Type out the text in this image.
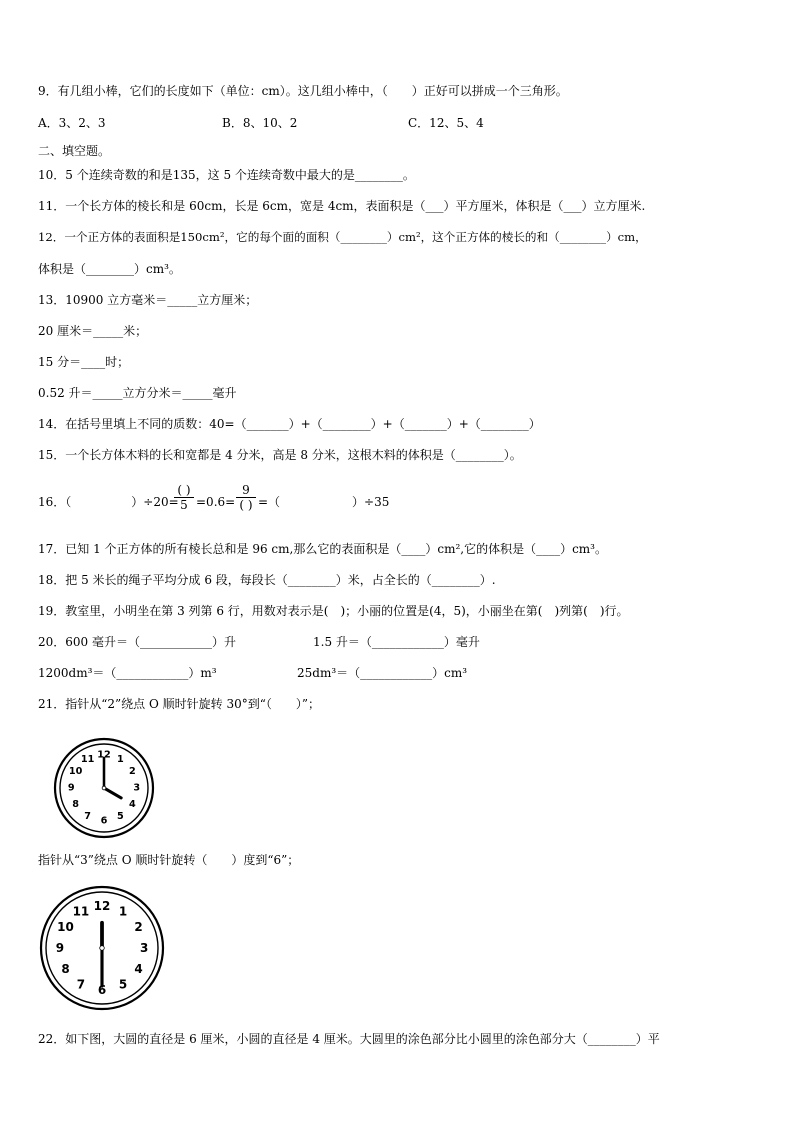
9．有几组小棒，它们的长度如下（单位：cm）。这几组小棒中，（　　）正好可以拼成一个三角形。
A．3、2、3	B．8、10、2	C．12、5、4
二、填空题。
10．5 个连续奇数的和是135，这 5 个连续奇数中最大的是________。
11．一个长方体的棱长和是 60cm，长是 6cm，宽是 4cm，表面积是（___）平方厘米，体积是（___）立方厘米.
12．一个正方体的表面积是150cm²，它的每个面的面积（________）cm²，这个正方体的棱长的和（________）cm，
体积是（________）cm³。
13．10900 立方毫米＝_____立方厘米；
20 厘米＝_____米；
15 分＝____时；
0.52 升＝_____立方分米＝_____毫升
14．在括号里填上不同的质数：40=（_______）+（________）+（_______）+（________）
15．一个长方体木料的长和宽都是 4 分米，高是 8 分米，这根木料的体积是（________）。
16．（　　　　　）÷20=
( )
5 =0.6=
9
( ) =（　　　　　　）÷35
17．已知 1 个正方体的所有棱长总和是 96 cm,那么它的表面积是（____）cm²,它的体积是（____）cm³。
18．把 5 米长的绳子平均分成 6 段，每段长（________）米，占全长的（________）.
19．教室里，小明坐在第 3 列第 6 行，用数对表示是(　)；小丽的位置是(4，5)，小丽坐在第(　)列第(　)行。
20．600 毫升＝（____________）升	1.5 升＝（____________）毫升
1200dm³＝（____________）m³	25dm³＝（____________）cm³
21．指针从“2”绕点 O 顺时针旋转 30°到“（　　）”；
12 1
2
3
4
5
6
7
8
9
10
11
指针从“3”绕点 O 顺时针旋转（　　）度到“6”；
12 1
2
3
4
5
6
7
8
9
10
11
22．如下图，大圆的直径是 6 厘米，小圆的直径是 4 厘米。大圆里的涂色部分比小圆里的涂色部分大（________）平
